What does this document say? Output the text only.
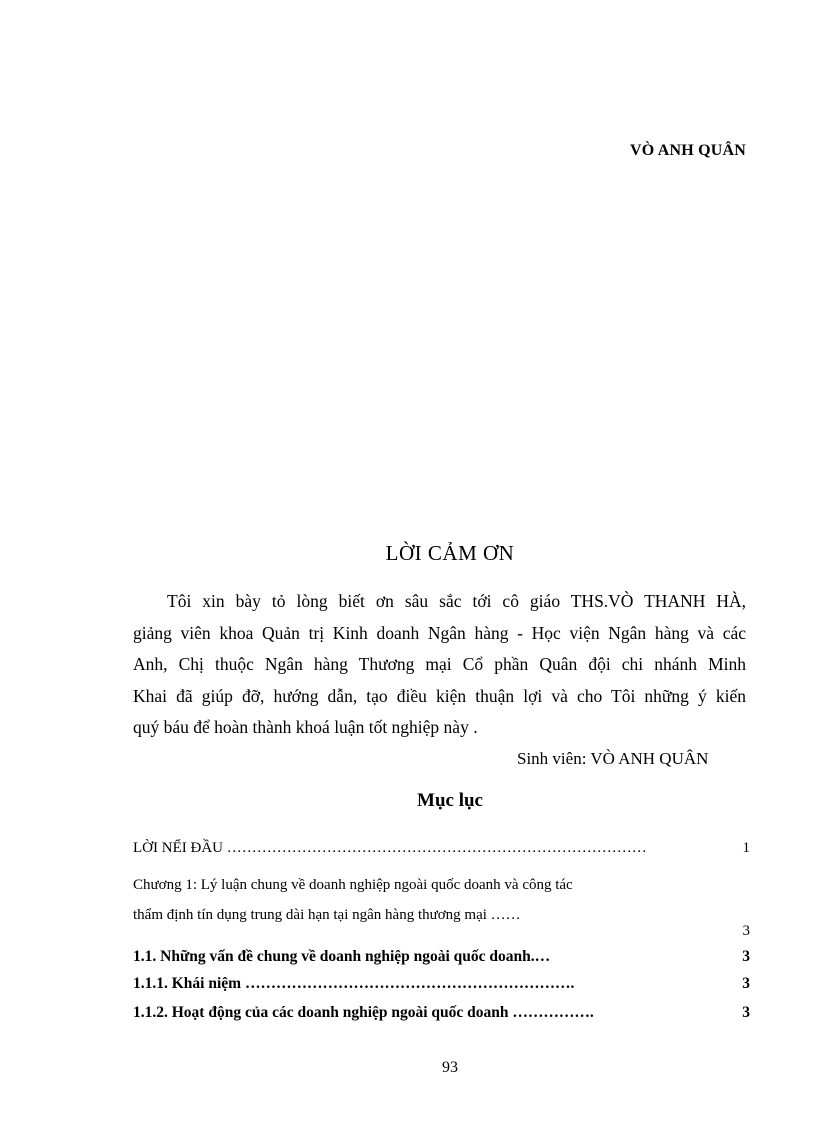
VÒ ANH QUÂN
LỜI CẢM ƠN
Tôi xin bày tỏ lòng biết ơn sâu sắc tới cô giáo THS.VÒ THANH HÀ,
giảng viên khoa Quản trị Kinh doanh Ngân hàng - Học viện Ngân hàng và các
Anh, Chị thuộc Ngân hàng Thương mại Cổ phần Quân đội chi nhánh Minh
Khai đã giúp đỡ, hướng dẫn, tạo điều kiện thuận lợi và cho Tôi những ý kiến
quý báu để hoàn thành khoá luận tốt nghiệp này .
Sinh viên: VÒ ANH QUÂN
Mục lục
LỜI NỂI ĐẦU …………………………………………………………………………	1
Chương 1: Lý luận chung về doanh nghiệp ngoài quốc doanh và công tác
thẩm định tín dụng trung dài hạn tại ngân hàng thương mại ……
3
1.1. Những vấn đề chung về doanh nghiệp ngoài quốc doanh.…	3
1.1.1. Khái niệm ……………………………………………………….	3
1.1.2. Hoạt động của các doanh nghiệp ngoài quốc doanh …………….	3
93
